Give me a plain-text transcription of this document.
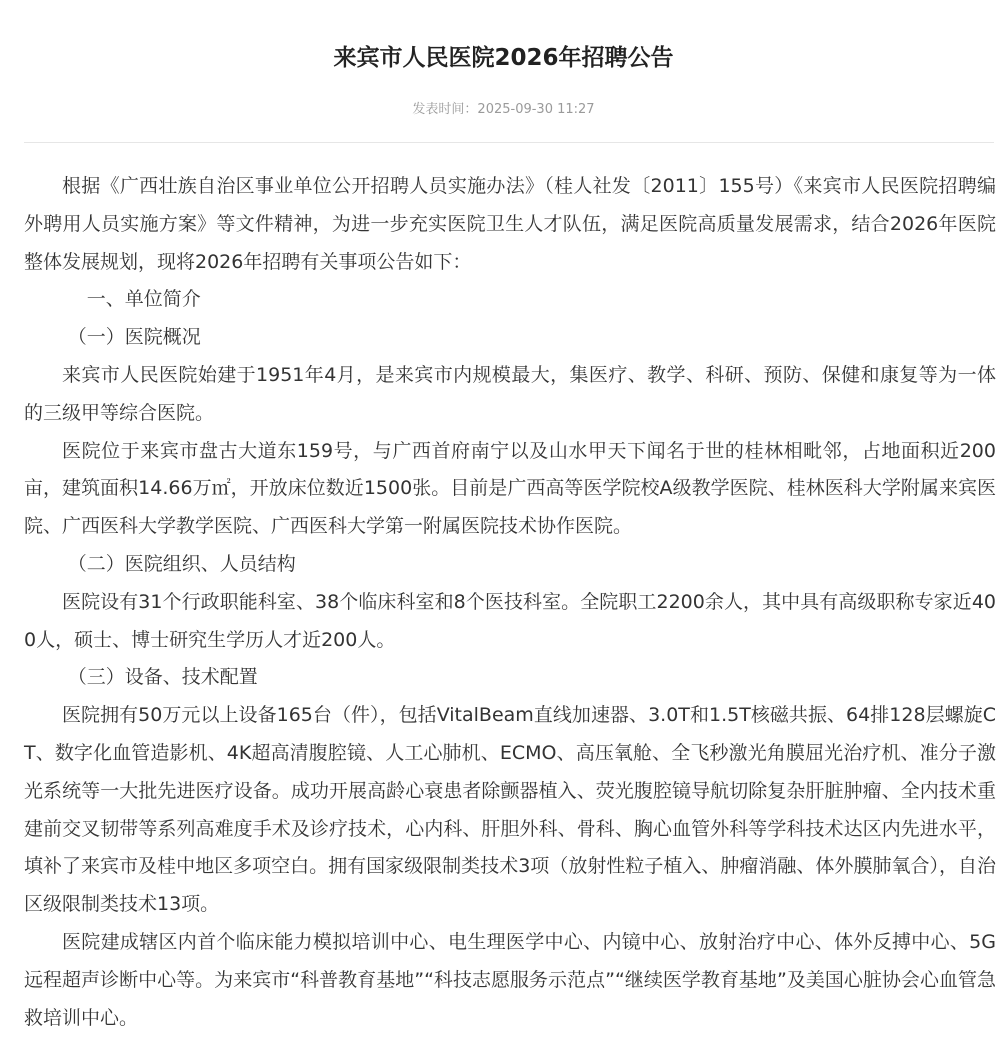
来宾市人民医院2026年招聘公告
发表时间：2025-09-30 11:27

根据《广西壮族自治区事业单位公开招聘人员实施办法》（桂人社发〔2011〕155号）《来宾市人民医院招聘编外聘用人员实施方案》等文件精神，为进一步充实医院卫生人才队伍，满足医院高质量发展需求，结合2026年医院整体发展规划，现将2026年招聘有关事项公告如下：

一、单位简介

（一）医院概况

来宾市人民医院始建于1951年4月，是来宾市内规模最大，集医疗、教学、科研、预防、保健和康复等为一体的三级甲等综合医院。

医院位于来宾市盘古大道东159号，与广西首府南宁以及山水甲天下闻名于世的桂林相毗邻，占地面积近200亩，建筑面积14.66万㎡，开放床位数近1500张。目前是广西高等医学院校A级教学医院、桂林医科大学附属来宾医院、广西医科大学教学医院、广西医科大学第一附属医院技术协作医院。

（二）医院组织、人员结构

医院设有31个行政职能科室、38个临床科室和8个医技科室。全院职工2200余人，其中具有高级职称专家近400人，硕士、博士研究生学历人才近200人。

（三）设备、技术配置

医院拥有50万元以上设备165台（件），包括VitalBeam直线加速器、3.0T和1.5T核磁共振、64排128层螺旋CT、数字化血管造影机、4K超高清腹腔镜、人工心肺机、ECMO、高压氧舱、全飞秒激光角膜屈光治疗机、准分子激光系统等一大批先进医疗设备。成功开展高龄心衰患者除颤器植入、荧光腹腔镜导航切除复杂肝脏肿瘤、全内技术重建前交叉韧带等系列高难度手术及诊疗技术，心内科、肝胆外科、骨科、胸心血管外科等学科技术达区内先进水平，填补了来宾市及桂中地区多项空白。拥有国家级限制类技术3项（放射性粒子植入、肿瘤消融、体外膜肺氧合），自治区级限制类技术13项。

医院建成辖区内首个临床能力模拟培训中心、电生理医学中心、内镜中心、放射治疗中心、体外反搏中心、5G远程超声诊断中心等。为来宾市“科普教育基地”“科技志愿服务示范点”“继续医学教育基地”及美国心脏协会心血管急救培训中心。
